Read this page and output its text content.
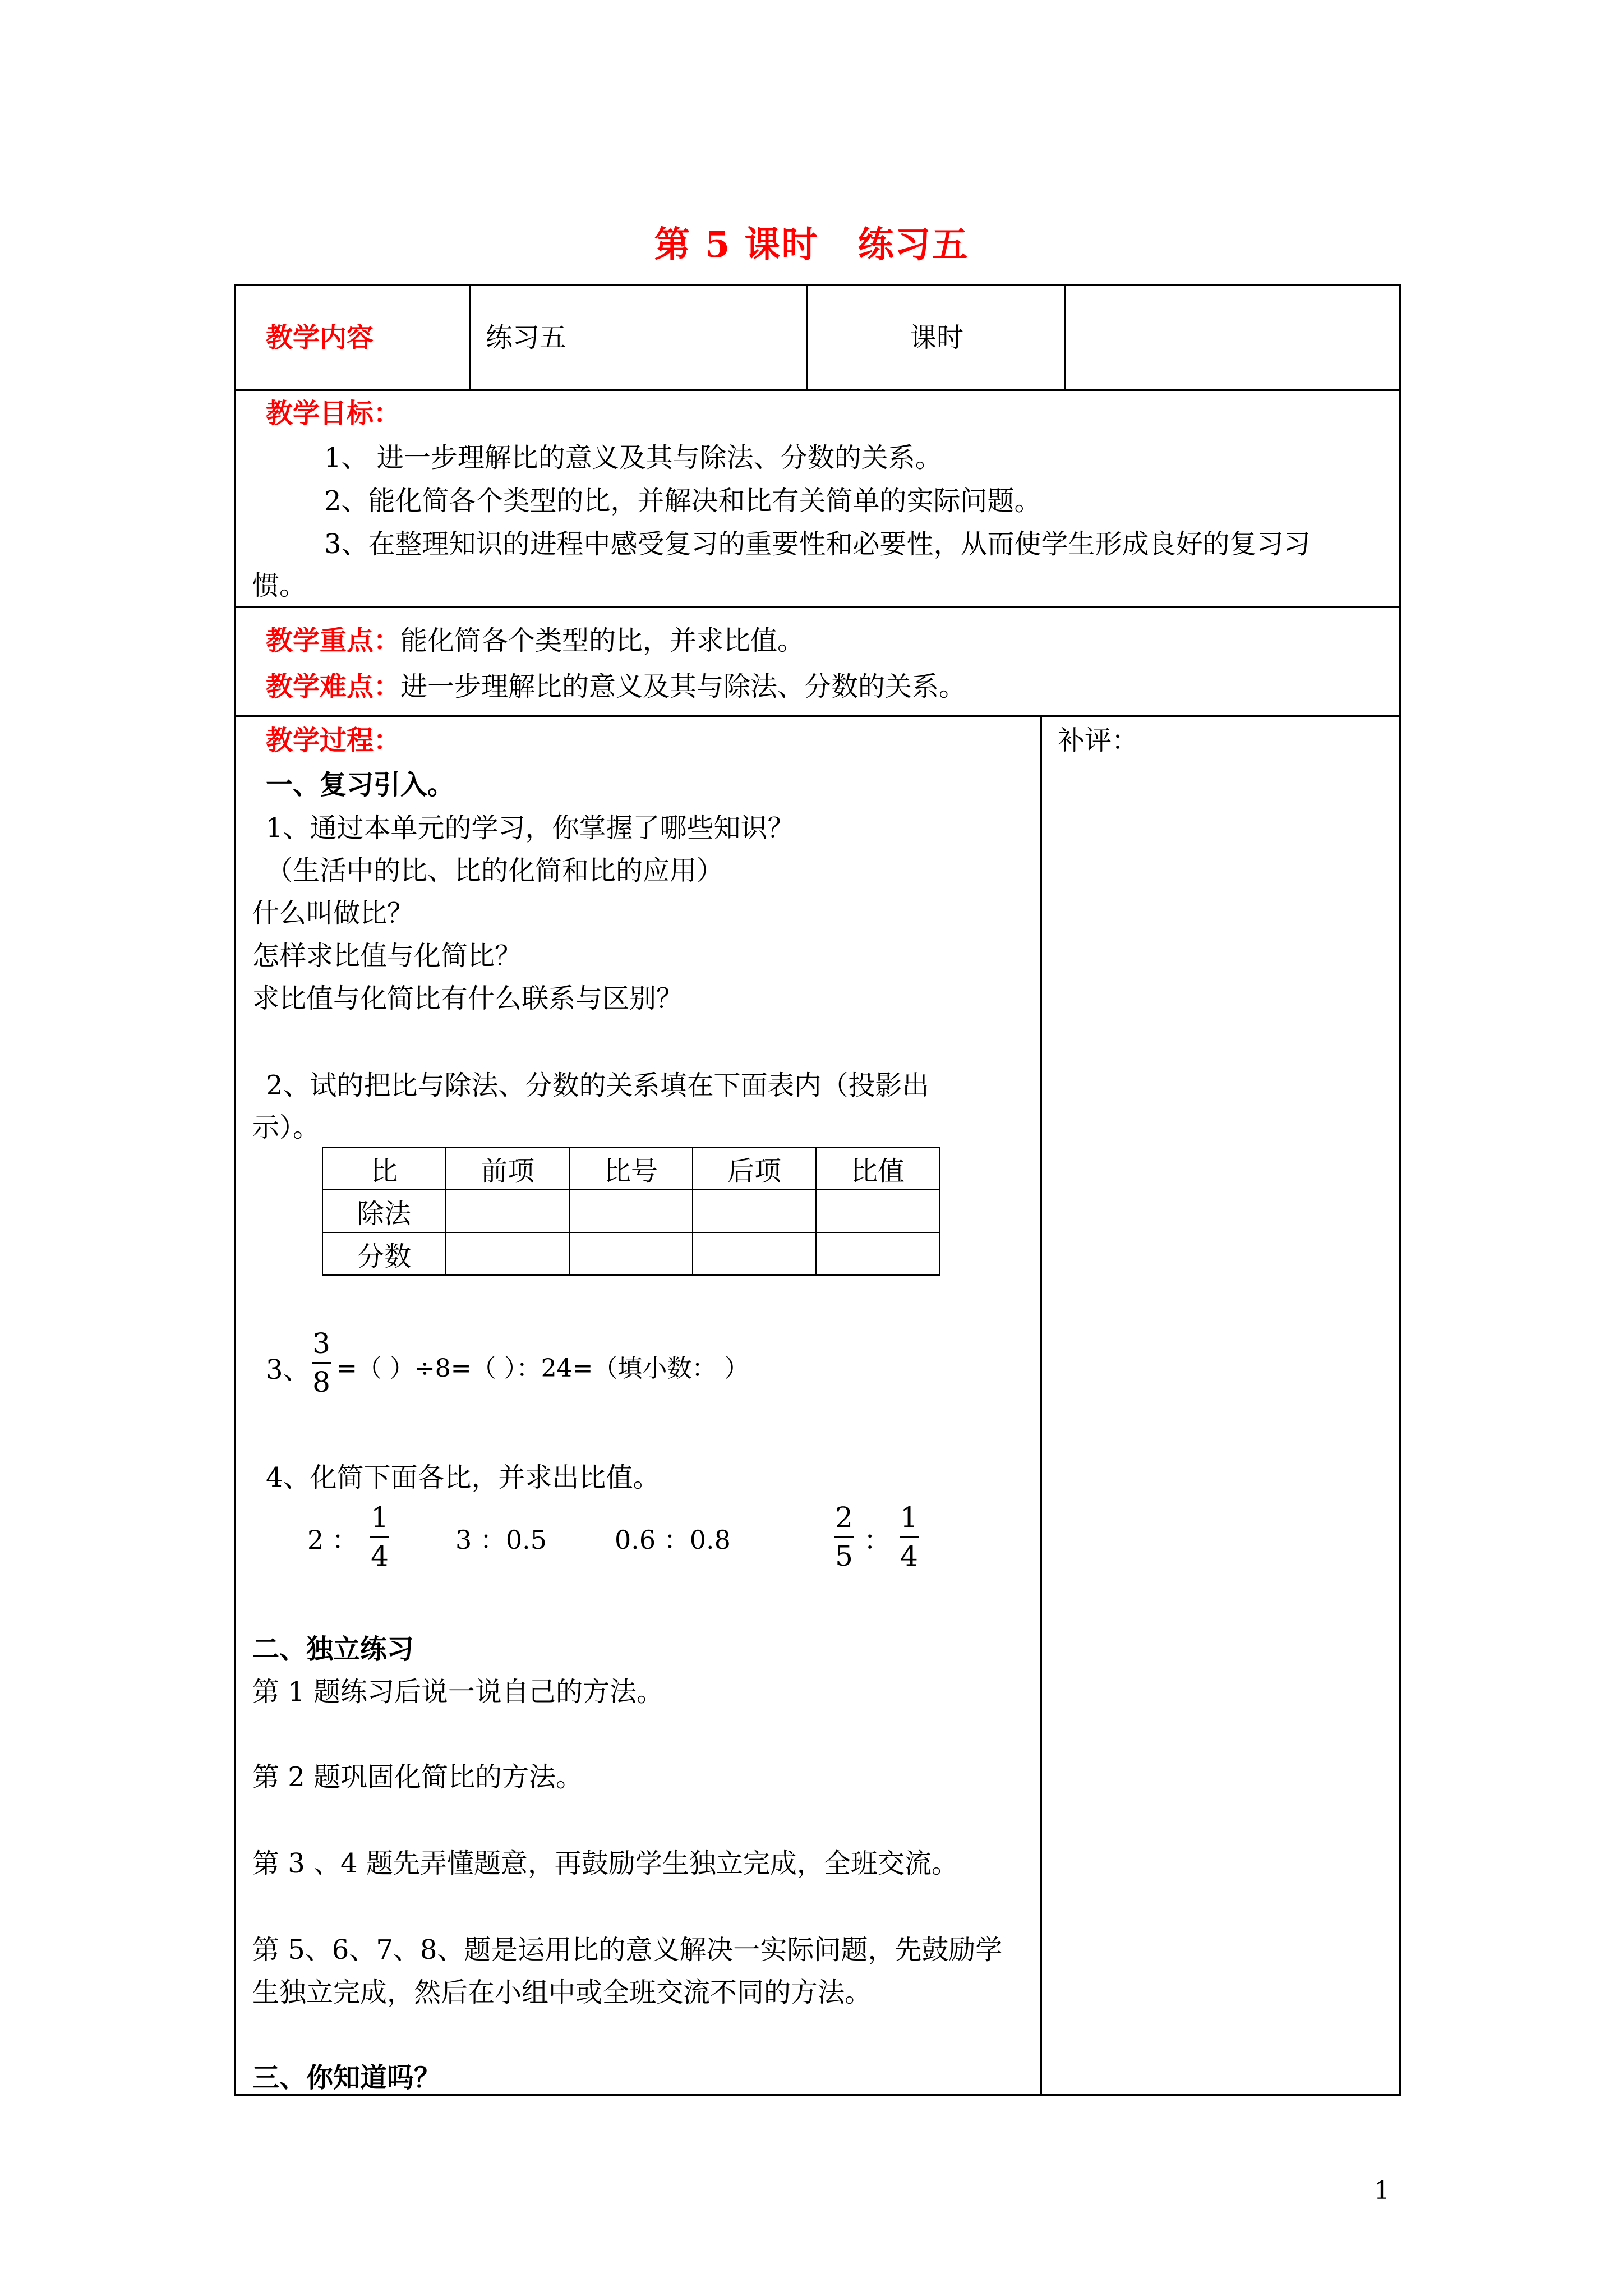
第 5 课时 练习五
教学内容	练习五	课时
教学目标：
1、 进一步理解比的意义及其与除法、分数的关系。
2、能化简各个类型的比，并解决和比有关简单的实际问题。
3、在整理知识的进程中感受复习的重要性和必要性，从而使学生形成良好的复习习
惯。
教学重点：能化简各个类型的比，并求比值。
教学难点：进一步理解比的意义及其与除法、分数的关系。
教学过程：	补评：
一、复习引入。
1、通过本单元的学习，你掌握了哪些知识？
（生活中的比、比的化简和比的应用）
什么叫做比？
怎样求比值与化简比？
求比值与化简比有什么联系与区别？
2、试的把比与除法、分数的关系填在下面表内（投影出
示）。
比	前项	比号	后项	比值
除法				
分数				
3、
3
8 =（ ）÷8=（ ）：24=（填小数： ）
4、化简下面各比，并求出比值。
2 ：
1
4	3 ：0.5	0.6 ：0.8
2
5 ：
1
4
二、独立练习
第 1 题练习后说一说自己的方法。
第 2 题巩固化简比的方法。
第 3 、4 题先弄懂题意，再鼓励学生独立完成，全班交流。
第 5、6、7、8、题是运用比的意义解决一实际问题，先鼓励学
生独立完成，然后在小组中或全班交流不同的方法。
三、你知道吗？
1
